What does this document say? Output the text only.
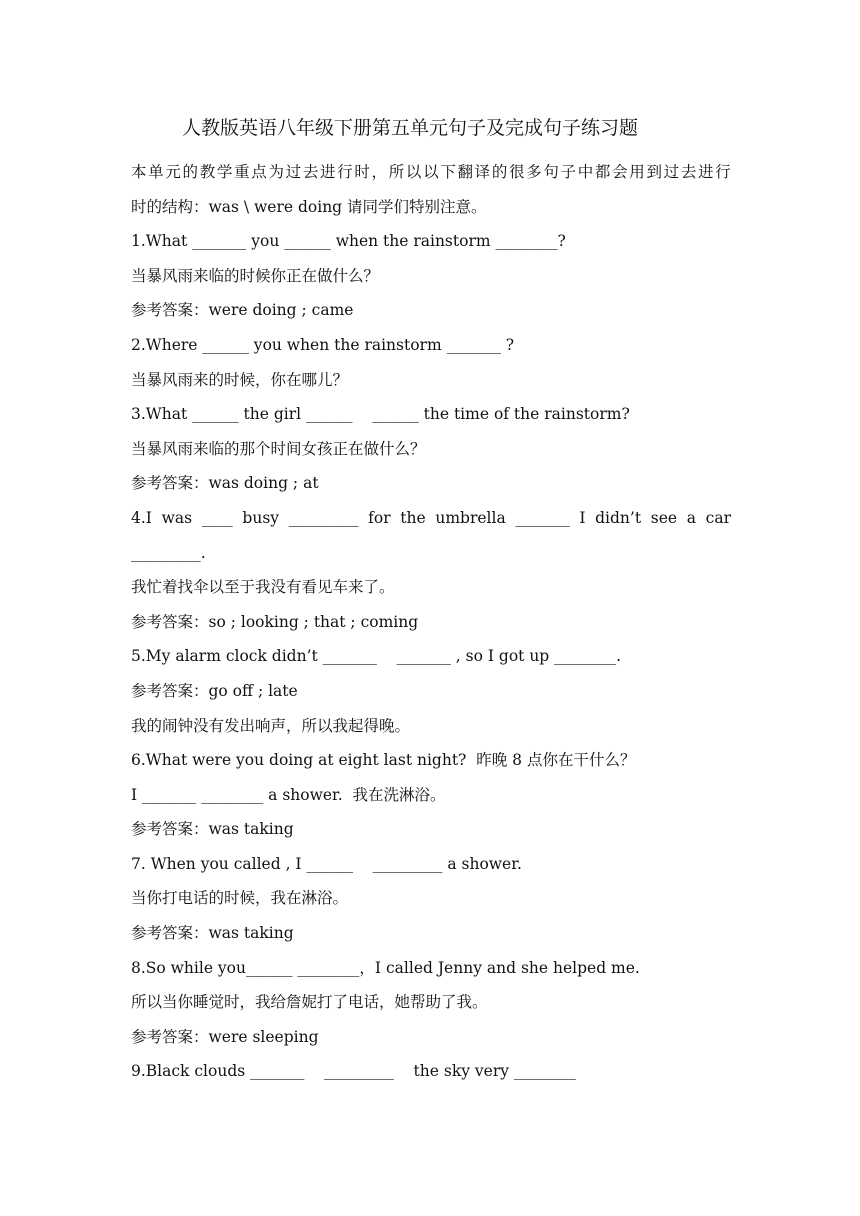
人教版英语八年级下册第五单元句子及完成句子练习题
本单元的教学重点为过去进行时，所以以下翻译的很多句子中都会用到过去进行
时的结构：was \ were doing 请同学们特别注意。
1.What _______ you ______ when the rainstorm ________?
当暴风雨来临的时候你正在做什么？
参考答案：were doing ; came
2.Where ______ you when the rainstorm _______ ?
当暴风雨来的时候，你在哪儿？
3.What ______ the girl ______    ______ the time of the rainstorm?
当暴风雨来临的那个时间女孩正在做什么？
参考答案：was doing ; at
4.I was ____ busy _________ for the umbrella _______ I didn’t see a car
_________.
我忙着找伞以至于我没有看见车来了。
参考答案：so ; looking ; that ; coming
5.My alarm clock didn’t _______    _______ , so I got up ________.
参考答案：go off ; late
我的闹钟没有发出响声，所以我起得晚。
6.What were you doing at eight last night?  昨晚 8 点你在干什么？
I _______ ________ a shower.  我在洗淋浴。
参考答案：was taking
7. When you called , I ______    _________ a shower.
当你打电话的时候，我在淋浴。
参考答案：was taking
8.So while you______ ________，I called Jenny and she helped me.
所以当你睡觉时，我给詹妮打了电话，她帮助了我。
参考答案：were sleeping
9.Black clouds _______    _________    the sky very ________
